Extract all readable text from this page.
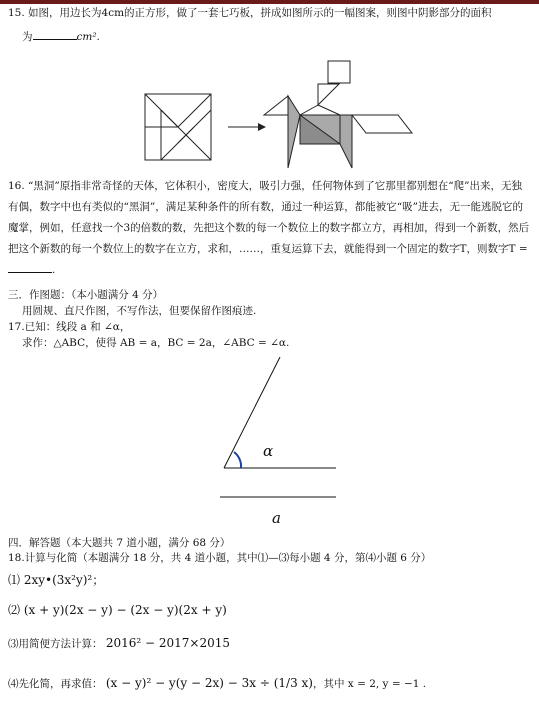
15. 如图，用边长为4cm的正方形，做了一套七巧板，拼成如图所示的一幅图案，则图中阴影部分的面积
为	cm².
16. “黑洞”原指非常奇怪的天体，它体积小，密度大，吸引力强，任何物体到了它那里都别想在“爬”出来，无独有偶，数字中也有类似的“黑洞”，满足某种条件的所有数，通过一种运算，都能被它“吸”进去，无一能逃脱它的魔掌，例如，任意找一个3的倍数的数，先把这个数的每一个数位上的数字都立方，再相加，得到一个新数，然后把这个新数的每一个数位上的数字在立方，求和，……，重复运算下去，就能得到一个固定的数字T，则数字T =.
三．作图题：（本小题满分 4 分）
用圆规、直尺作图，不写作法，但要保留作图痕迹.
17.已知：线段 a 和 ∠α，
求作：△ABC，使得 AB = a，BC = 2a，∠ABC = ∠α.
α
a
四．解答题（本大题共 7 道小题，满分 68 分）
18.计算与化简（本题满分 18 分，共 4 道小题，其中⑴—⑶每小题 4 分，第⑷小题 6 分）
⑴ 2xy•(3x²y)²；
⑵ (x + y)(2x − y) − (2x − y)(2x + y)
⑶用简便方法计算： 2016² − 2017×2015
⑷先化简，再求值： (x − y)² − y(y − 2x) − 3x ÷ (1/3 x)，其中 x = 2, y = −1 .
